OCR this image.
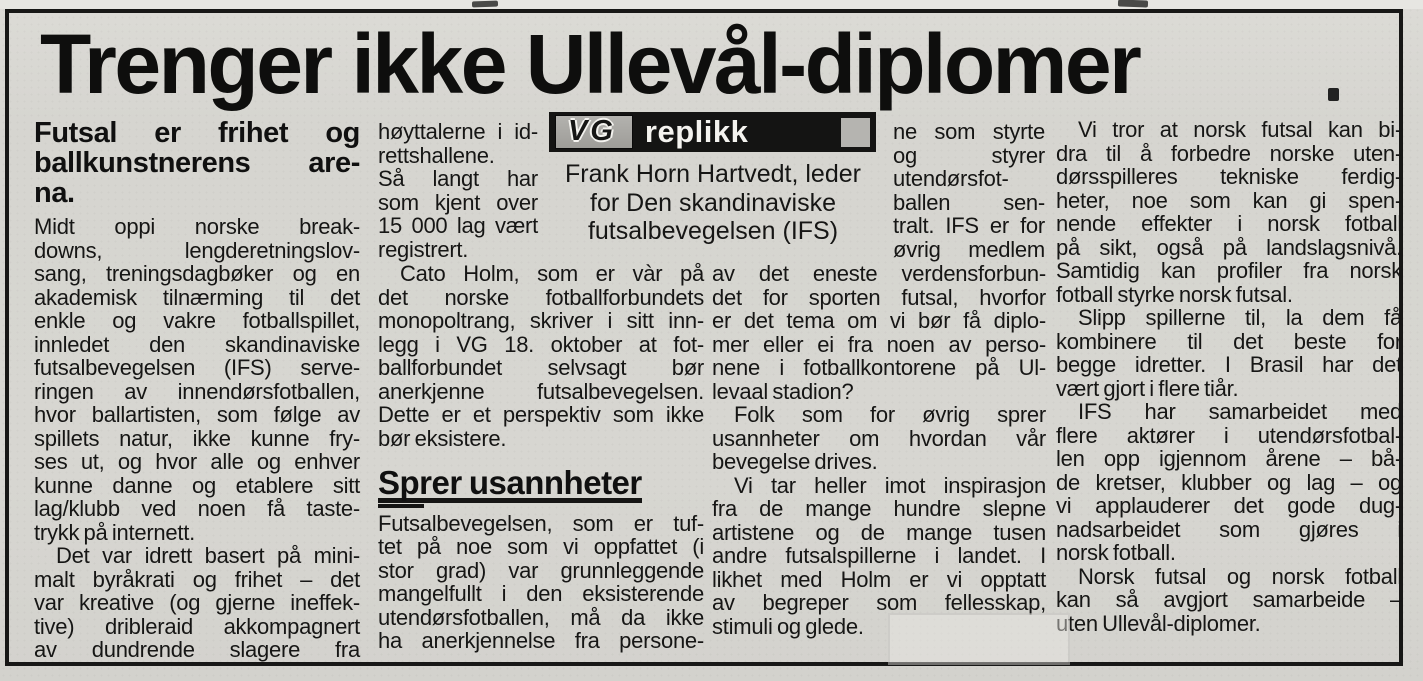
Trenger ikke Ullevål-diplomer

Futsal er frihet og
ballkunstnerens are-
na.

Midt oppi norske break-
downs, lengderetningslov-
sang, treningsdagbøker og en
akademisk tilnærming til det
enkle og vakre fotballspillet,
innledet den skandinaviske
futsalbevegelsen (IFS) serve-
ringen av innendørsfotballen,
hvor ballartisten, som følge av
spillets natur, ikke kunne fry-
ses ut, og hvor alle og enhver
kunne danne og etablere sitt
lag/klubb ved noen få taste-
trykk på internett.

Det var idrett basert på mini-
malt byråkrati og frihet – det
var kreative (og gjerne ineffek-
tive) dribleraid akkompagnert
av dundrende slagere fra

høyttalerne i id-
rettshallene.

Så langt har
som kjent over
15 000 lag vært
registrert.

VG replikk
Frank Horn Hartvedt, leder
for Den skandinaviske
futsalbevegelsen (IFS)

ne som styrte
og styrer
utendørsfot-
ballen sen-
tralt. IFS er for
øvrig medlem

Cato Holm, som er vàr på
det norske fotballforbundets
monopoltrang, skriver i sitt inn-
legg i VG 18. oktober at fot-
ballforbundet selvsagt bør
anerkjenne futsalbevegelsen.
Dette er et perspektiv som ikke
bør eksistere.

Sprer usannheter

Futsalbevegelsen, som er tuf-
tet på noe som vi oppfattet (i
stor grad) var grunnleggende
mangelfullt i den eksisterende
utendørsfotballen, må da ikke
ha anerkjennelse fra persone-

av det eneste verdensforbun-
det for sporten futsal, hvorfor
er det tema om vi bør få diplo-
mer eller ei fra noen av perso-
nene i fotballkontorene på Ul-
levaal stadion?

Folk som for øvrig sprer
usannheter om hvordan vår
bevegelse drives.

Vi tar heller imot inspirasjon
fra de mange hundre slepne
artistene og de mange tusen
andre futsalspillerne i landet. I
likhet med Holm er vi opptatt
av begreper som fellesskap,
stimuli og glede.

Vi tror at norsk futsal kan bi-
dra til å forbedre norske uten-
dørsspilleres tekniske ferdig-
heter, noe som kan gi spen-
nende effekter i norsk fotball
på sikt, også på landslagsnivå.
Samtidig kan profiler fra norsk
fotball styrke norsk futsal.

Slipp spillerne til, la dem få
kombinere til det beste for
begge idretter. I Brasil har det
vært gjort i flere tiår.

IFS har samarbeidet med
flere aktører i utendørsfotbal-
len opp igjennom årene – bå-
de kretser, klubber og lag – og
vi applauderer det gode dug-
nadsarbeidet som gjøres i
norsk fotball.

Norsk futsal og norsk fotball
kan så avgjort samarbeide –
uten Ullevål-diplomer.
